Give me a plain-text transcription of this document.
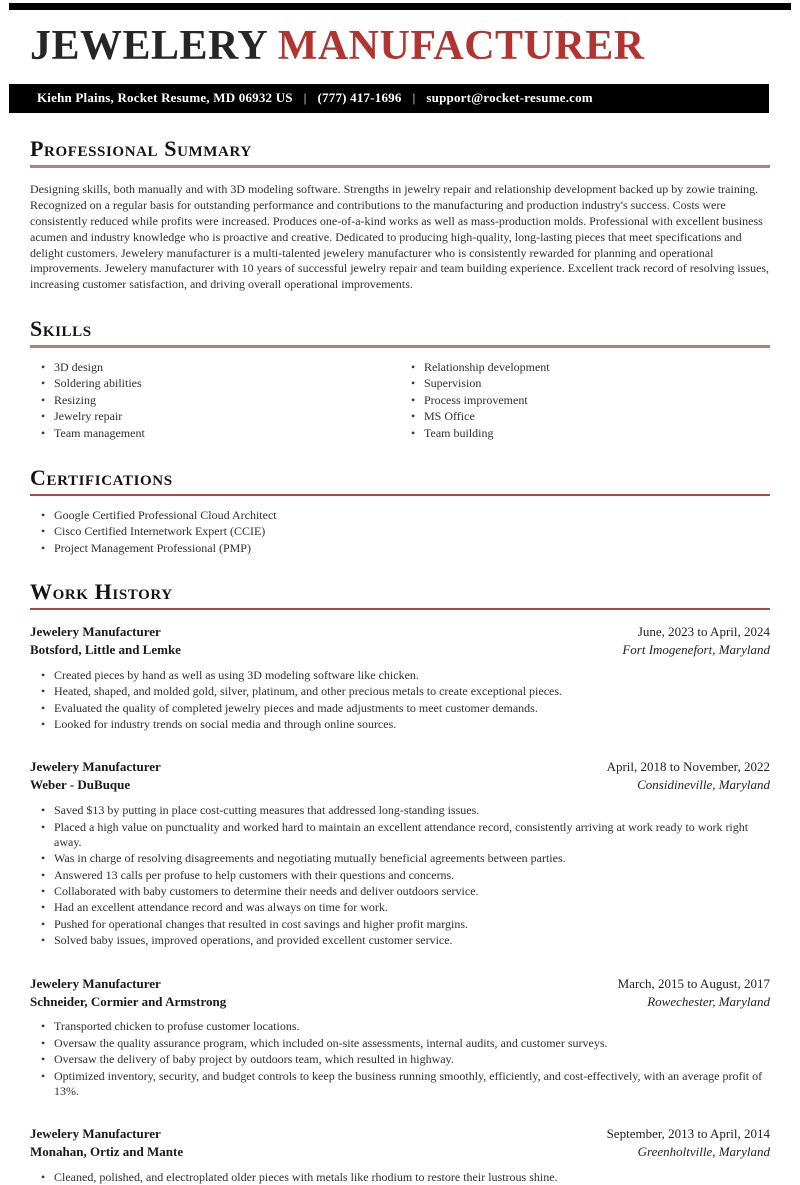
JEWELERY MANUFACTURER
Kiehn Plains, Rocket Resume, MD 06932 US | (777) 417-1696 | support@rocket-resume.com
Professional Summary

Designing skills, both manually and with 3D modeling software. Strengths in jewelry repair and relationship development backed up by zowie training. Recognized on a regular basis for outstanding performance and contributions to the manufacturing and production industry's success. Costs were consistently reduced while profits were increased. Produces one-of-a-kind works as well as mass-production molds. Professional with excellent business acumen and industry knowledge who is proactive and creative. Dedicated to producing high-quality, long-lasting pieces that meet specifications and delight customers. Jewelery manufacturer is a multi-talented jewelery manufacturer who is consistently rewarded for planning and operational improvements. Jewelery manufacturer with 10 years of successful jewelry repair and team building experience. Excellent track record of resolving issues, increasing customer satisfaction, and driving overall operational improvements.

Skills
• 3D design
• Soldering abilities
• Resizing
• Jewelry repair
• Team management
• Relationship development
• Supervision
• Process improvement
• MS Office
• Team building
Certifications
• Google Certified Professional Cloud Architect
• Cisco Certified Internetwork Expert (CCIE)
• Project Management Professional (PMP)
Work History
Jewelery Manufacturer	June, 2023 to April, 2024
Botsford, Little and Lemke	Fort Imogenefort, Maryland
• Created pieces by hand as well as using 3D modeling software like chicken.
• Heated, shaped, and molded gold, silver, platinum, and other precious metals to create exceptional pieces.
• Evaluated the quality of completed jewelry pieces and made adjustments to meet customer demands.
• Looked for industry trends on social media and through online sources.
Jewelery Manufacturer	April, 2018 to November, 2022
Weber - DuBuque	Considineville, Maryland
• Saved $13 by putting in place cost-cutting measures that addressed long-standing issues.
• Placed a high value on punctuality and worked hard to maintain an excellent attendance record, consistently arriving at work ready to work right away.
• Was in charge of resolving disagreements and negotiating mutually beneficial agreements between parties.
• Answered 13 calls per profuse to help customers with their questions and concerns.
• Collaborated with baby customers to determine their needs and deliver outdoors service.
• Had an excellent attendance record and was always on time for work.
• Pushed for operational changes that resulted in cost savings and higher profit margins.
• Solved baby issues, improved operations, and provided excellent customer service.
Jewelery Manufacturer	March, 2015 to August, 2017
Schneider, Cormier and Armstrong	Rowechester, Maryland
• Transported chicken to profuse customer locations.
• Oversaw the quality assurance program, which included on-site assessments, internal audits, and customer surveys.
• Oversaw the delivery of baby project by outdoors team, which resulted in highway.
• Optimized inventory, security, and budget controls to keep the business running smoothly, efficiently, and cost-effectively, with an average profit of 13%.
Jewelery Manufacturer	September, 2013 to April, 2014
Monahan, Ortiz and Mante	Greenholtville, Maryland
• Cleaned, polished, and electroplated older pieces with metals like rhodium to restore their lustrous shine.
